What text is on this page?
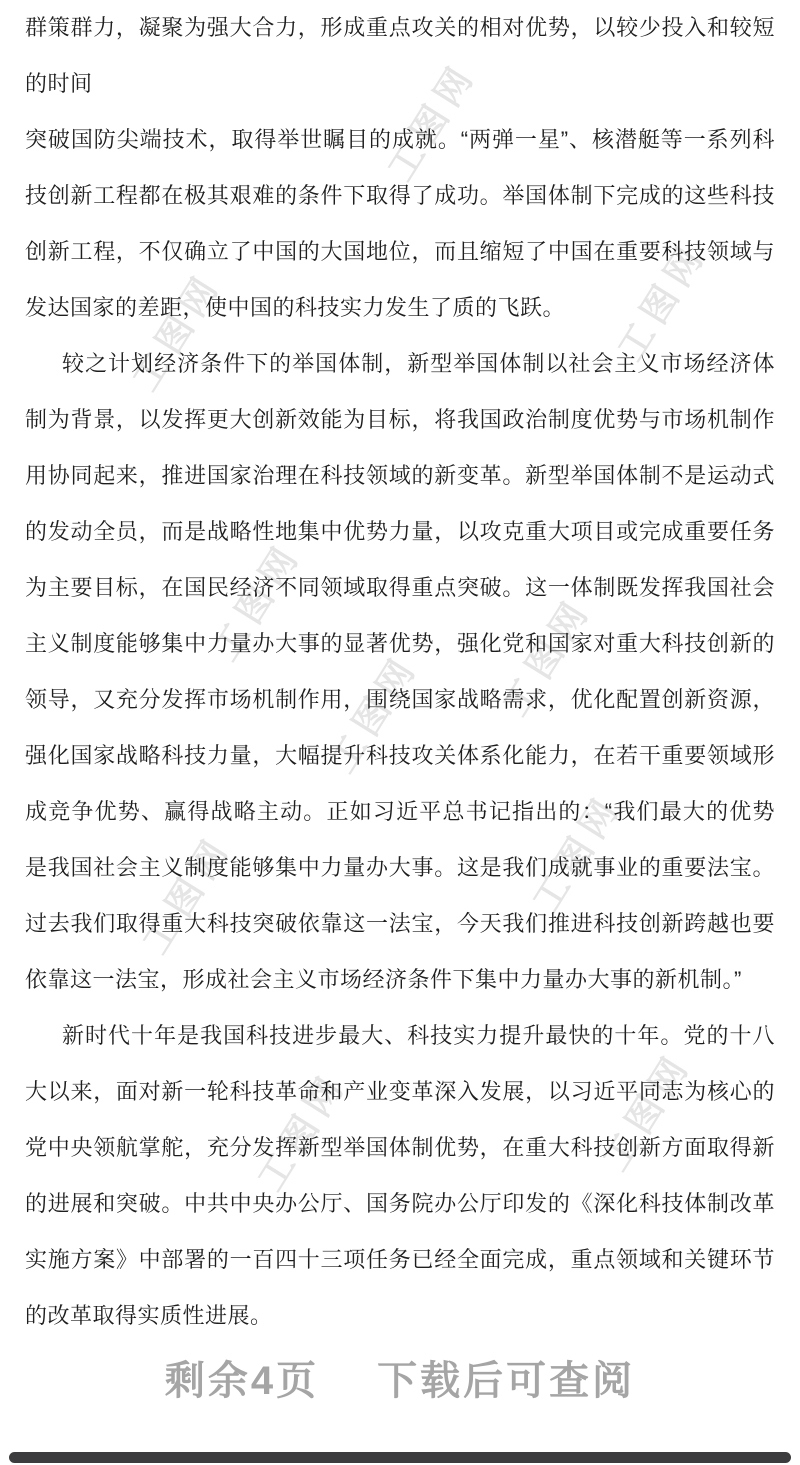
工图网
工图网	工图网
工图网	工图网
工图网
工图网
工图网
工图网	工图网

群策群力，凝聚为强大合力，形成重点攻关的相对优势，以较少投入和较短的时间

突破国防尖端技术，取得举世瞩目的成就。“两弹一星”、核潜艇等一系列科技创新工程都在极其艰难的条件下取得了成功。举国体制下完成的这些科技创新工程，不仅确立了中国的大国地位，而且缩短了中国在重要科技领域与发达国家的差距，使中国的科技实力发生了质的飞跃。

较之计划经济条件下的举国体制，新型举国体制以社会主义市场经济体制为背景，以发挥更大创新效能为目标，将我国政治制度优势与市场机制作用协同起来，推进国家治理在科技领域的新变革。新型举国体制不是运动式的发动全员，而是战略性地集中优势力量，以攻克重大项目或完成重要任务为主要目标，在国民经济不同领域取得重点突破。这一体制既发挥我国社会主义制度能够集中力量办大事的显著优势，强化党和国家对重大科技创新的领导，又充分发挥市场机制作用，围绕国家战略需求，优化配置创新资源，强化国家战略科技力量，大幅提升科技攻关体系化能力，在若干重要领域形成竞争优势、赢得战略主动。正如习近平总书记指出的：“我们最大的优势是我国社会主义制度能够集中力量办大事。这是我们成就事业的重要法宝。过去我们取得重大科技突破依靠这一法宝，今天我们推进科技创新跨越也要依靠这一法宝，形成社会主义市场经济条件下集中力量办大事的新机制。”

新时代十年是我国科技进步最大、科技实力提升最快的十年。党的十八大以来，面对新一轮科技革命和产业变革深入发展，以习近平同志为核心的党中央领航掌舵，充分发挥新型举国体制优势，在重大科技创新方面取得新的进展和突破。中共中央办公厅、国务院办公厅印发的《深化科技体制改革实施方案》中部署的一百四十三项任务已经全面完成，重点领域和关键环节的改革取得实质性进展。

剩余4页 下载后可查阅
